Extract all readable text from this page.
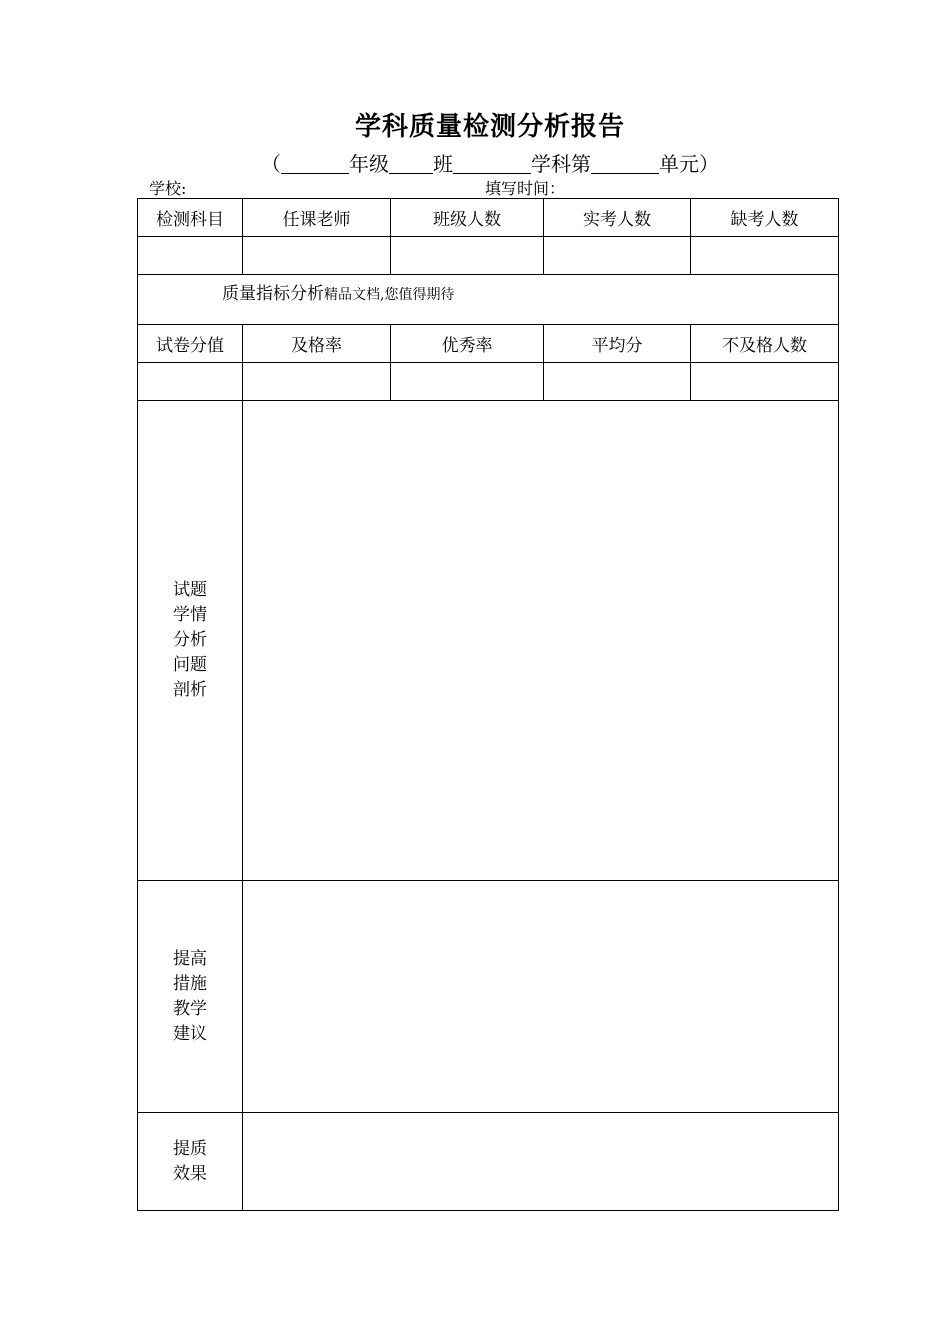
学科质量检测分析报告
（	年级 班	学科第	单元）
学校:	填写时间：
检测科目	任课老师	班级人数	实考人数	缺考人数

质量指标分析精品文档,您值得期待				
试卷分值	及格率	优秀率	平均分	不及格人数

试题
学情
分析
问题
剖析				

提高
措施
教学
建议				

提质
效果				
